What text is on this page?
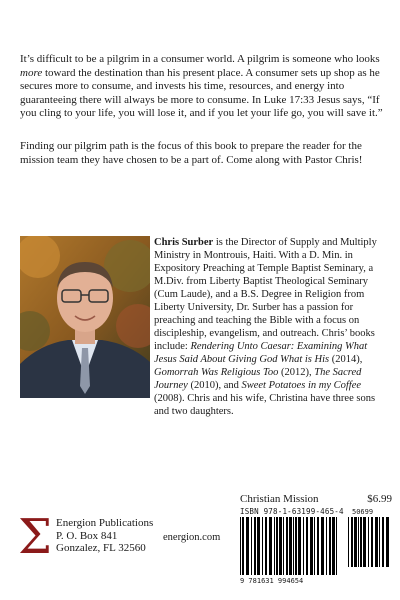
It’s difficult to be a pilgrim in a consumer world. A pilgrim is someone who looks more toward the destination than his present place. A consumer sets up shop as he secures more to consume, and invests his time, resources, and energy into guaranteeing there will always be more to consume. In Luke 17:33 Jesus says, “If you cling to your life, you will lose it, and if you let your life go, you will save it.”
Finding our pilgrim path is the focus of this book to prepare the reader for the mission team they have chosen to be a part of. Come along with Pastor Chris!
Chris Surber is the Director of Supply and Multiply Ministry in Montrouis, Haiti. With a D. Min. in Expository Preaching at Temple Baptist Seminary, a M.Div. from Liberty Baptist Theological Seminary (Cum Laude), and a B.S. Degree in Religion from Liberty University, Dr. Surber has a passion for preaching and teaching the Bible with a focus on discipleship, evangelism, and outreach. Chris’ books include: Rendering Unto Caesar: Examining What Jesus Said About Giving God What is His (2014), Gomorrah Was Religious Too (2012), The Sacred Journey (2010), and Sweet Potatoes in my Coffee (2008). Chris and his wife, Christina have three sons and two daughters.
Σ Energion Publications
P. O. Box 841
Gonzalez, FL 32560
energion.com
Christian Mission	$6.99
ISBN 978-1-63199-465-4
9 781631 994654
50699
